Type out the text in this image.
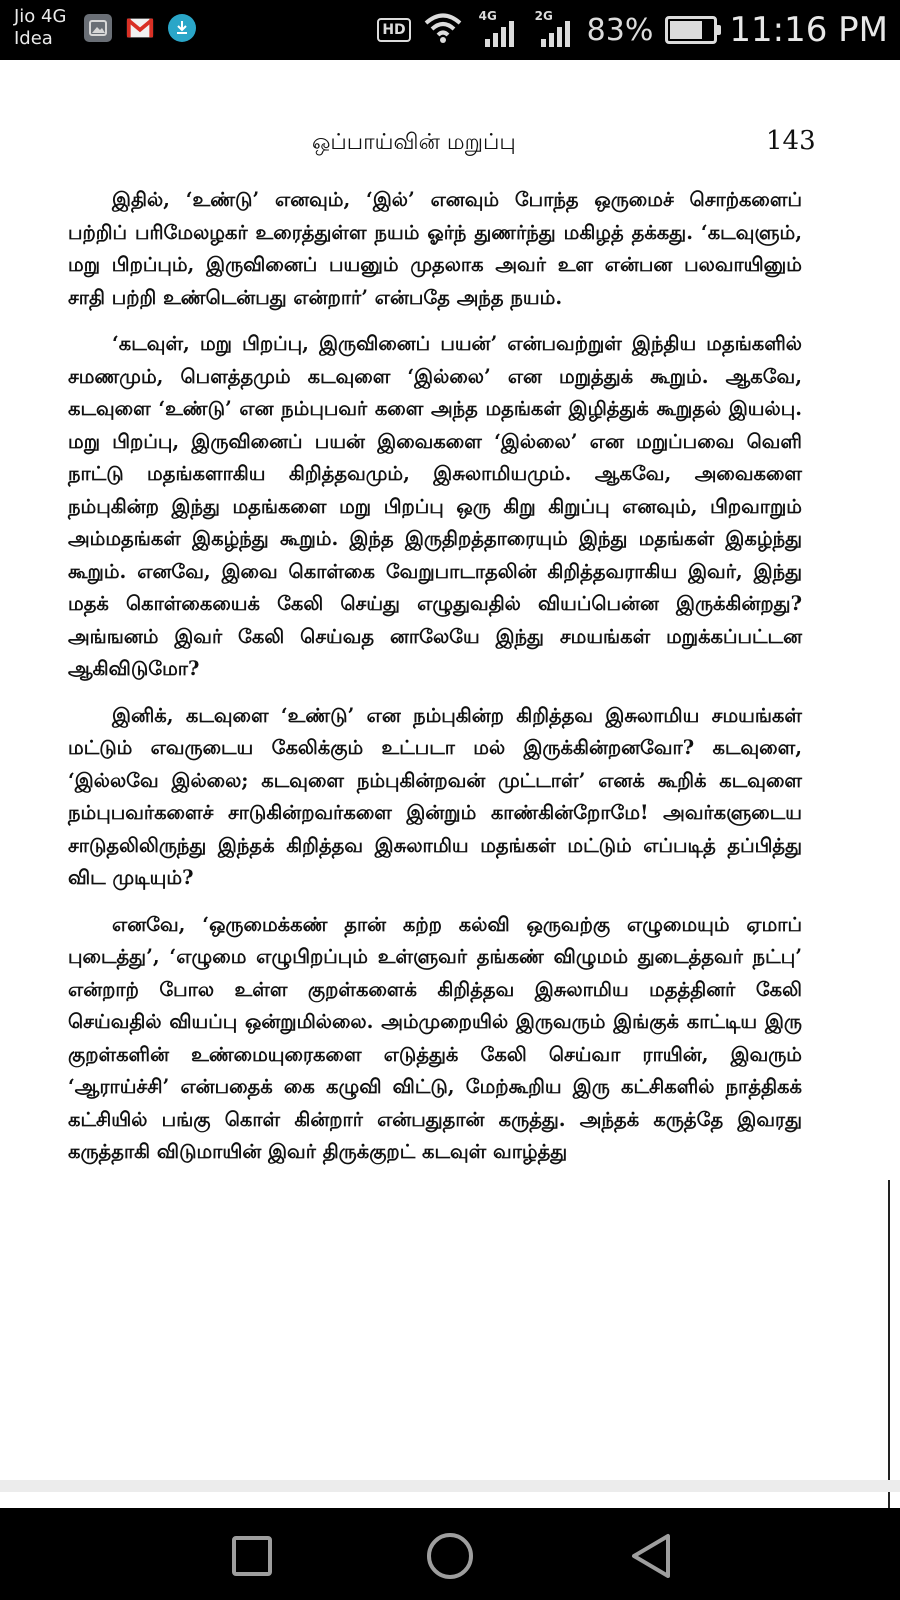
Jio 4G
Idea	HD
4G	2G 83% 11:16 PM
ஒப்பாய்வின் மறுப்பு	143

இதில், ‘உண்டு’ எனவும், ‘இல்’ எனவும் போந்த ஒருமைச் சொற்களைப் பற்றிப் பரிமேலழகர் உரைத்துள்ள நயம் ஓர்ந் துணர்ந்து மகிழத் தக்கது. ‘கடவுளும், மறு பிறப்பும், இருவினைப் பயனும் முதலாக அவர் உள என்பன பலவாயினும் சாதி பற்றி உண்டென்பது என்றார்’ என்பதே அந்த நயம்.

‘கடவுள், மறு பிறப்பு, இருவினைப் பயன்’ என்பவற்றுள் இந்திய மதங்களில் சமணமும், பௌத்தமும் கடவுளை ‘இல்லை’ என மறுத்துக் கூறும். ஆகவே, கடவுளை ‘உண்டு’ என நம்புபவர் களை அந்த மதங்கள் இழித்துக் கூறுதல் இயல்பு. மறு பிறப்பு, இருவினைப் பயன் இவைகளை ‘இல்லை’ என மறுப்பவை வெளி நாட்டு மதங்களாகிய கிறித்தவமும், இசுலாமியமும். ஆகவே, அவைகளை நம்புகின்ற இந்து மதங்களை மறு பிறப்பு ஒரு கிறு கிறுப்பு எனவும், பிறவாறும் அம்மதங்கள் இகழ்ந்து கூறும். இந்த இருதிறத்தாரையும் இந்து மதங்கள் இகழ்ந்து கூறும். எனவே, இவை கொள்கை வேறுபாடாதலின் கிறித்தவராகிய இவர், இந்து மதக் கொள்கையைக் கேலி செய்து எழுதுவதில் வியப்பென்ன இருக்கின்றது? அங்ஙனம் இவர் கேலி செய்வத னாலேயே இந்து சமயங்கள் மறுக்கப்பட்டன ஆகிவிடுமோ?

இனிக், கடவுளை ‘உண்டு’ என நம்புகின்ற கிறித்தவ இசுலாமிய சமயங்கள் மட்டும் எவருடைய கேலிக்கும் உட்படா மல் இருக்கின்றனவோ? கடவுளை, ‘இல்லவே இல்லை; கடவுளை நம்புகின்றவன் முட்டாள்’ எனக் கூறிக் கடவுளை நம்புபவர்களைச் சாடுகின்றவர்களை இன்றும் காண்கின்றோமே! அவர்களுடைய சாடுதலிலிருந்து இந்தக் கிறித்தவ இசுலாமிய மதங்கள் மட்டும் எப்படித் தப்பித்து விட முடியும்?

எனவே, ‘ஒருமைக்கண் தான் கற்ற கல்வி ஒருவற்கு எழுமையும் ஏமாப் புடைத்து’, ‘எழுமை எழுபிறப்பும் உள்ளுவர் தங்கண் விழுமம் துடைத்தவர் நட்பு’ என்றாற் போல உள்ள குறள்களைக் கிறித்தவ இசுலாமிய மதத்தினர் கேலி செய்வதில் வியப்பு ஒன்றுமில்லை. அம்முறையில் இருவரும் இங்குக் காட்டிய இரு குறள்களின் உண்மையுரைகளை எடுத்துக் கேலி செய்வா ராயின், இவரும் ‘ஆராய்ச்சி’ என்பதைக் கை கழுவி விட்டு, மேற்கூறிய இரு கட்சிகளில் நாத்திகக் கட்சியில் பங்கு கொள் கின்றார் என்பதுதான் கருத்து. அந்தக் கருத்தே இவரது கருத்தாகி விடுமாயின் இவர் திருக்குறட் கடவுள் வாழ்த்து
